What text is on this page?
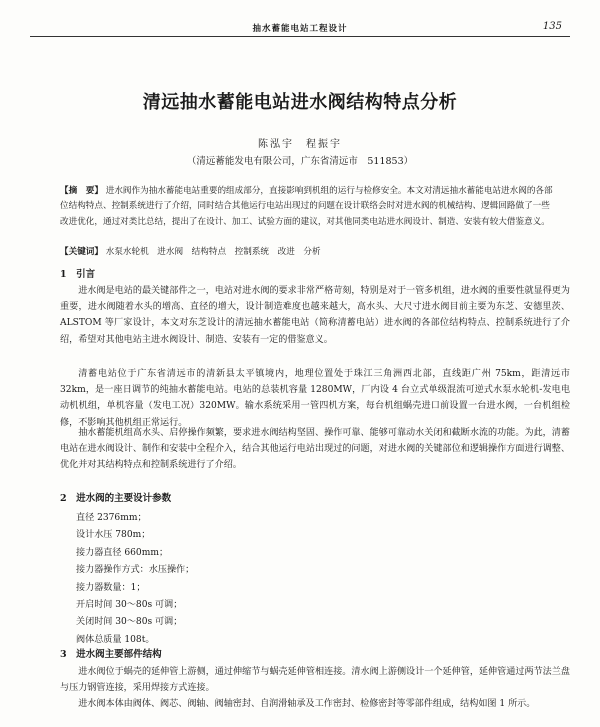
抽水蓄能电站工程设计	135
清远抽水蓄能电站进水阀结构特点分析
陈泓宇　程振宇
（清远蓄能发电有限公司，广东省清远市　511853）
【摘　要】 进水阀作为抽水蓄能电站重要的组成部分，直接影响到机组的运行与检修安全。本文对清远抽水蓄能电站进水阀的各部位结构特点、控制系统进行了介绍，同时结合其他运行电站出现过的问题在设计联络会时对进水阀的机械结构、逻辑回路做了一些改进优化，通过对类比总结，提出了在设计、加工、试验方面的建议，对其他同类电站进水阀设计、制造、安装有较大借鉴意义。
【关键词】 水泵水轮机　进水阀　结构特点　控制系统　改进　分析
1　引言

进水阀是电站的最关键部件之一，电站对进水阀的要求非常严格苛刻，特别是对于一管多机组，进水阀的重要性就显得更为重要，进水阀随着水头的增高、直径的增大，设计制造难度也越来越大，高水头、大尺寸进水阀目前主要为东芝、安德里茨、ALSTOM 等厂家设计，本文对东芝设计的清远抽水蓄能电站（简称清蓄电站）进水阀的各部位结构特点、控制系统进行了介绍，希望对其他电站主进水阀设计、制造、安装有一定的借鉴意义。

清蓄电站位于广东省清远市的清新县太平镇境内，地理位置处于珠江三角洲西北部，直线距广州 75km，距清远市 32km，是一座日调节的纯抽水蓄能电站。电站的总装机容量 1280MW，厂内设 4 台立式单级混流可逆式水泵水轮机-发电电动机机组，单机容量（发电工况）320MW。输水系统采用一管四机方案，每台机组蜗壳进口前设置一台进水阀，一台机组检修，不影响其他机组正常运行。

抽水蓄能机组高水头、启停操作频繁，要求进水阀结构坚固、操作可靠、能够可靠动水关闭和截断水流的功能。为此，清蓄电站在进水阀设计、制作和安装中全程介入，结合其他运行电站出现过的问题，对进水阀的关键部位和逻辑操作方面进行调整、优化并对其结构特点和控制系统进行了介绍。

2　进水阀的主要设计参数
直径 2376mm；
设计水压 780m；
接力器直径 660mm；
接力器操作方式：水压操作；
接力器数量：1；
开启时间 30～80s 可调；
关闭时间 30～80s 可调；
阀体总质量 108t。
3　进水阀主要部件结构

进水阀位于蜗壳的延伸管上游侧，通过伸缩节与蜗壳延伸管相连接。清水阀上游侧设计一个延伸管，延伸管通过两节法兰盘与压力钢管连接，采用焊接方式连接。

进水阀本体由阀体、阀芯、阀轴、阀轴密封、自润滑轴承及工作密封、检修密封等零部件组成，结构如图 1 所示。
